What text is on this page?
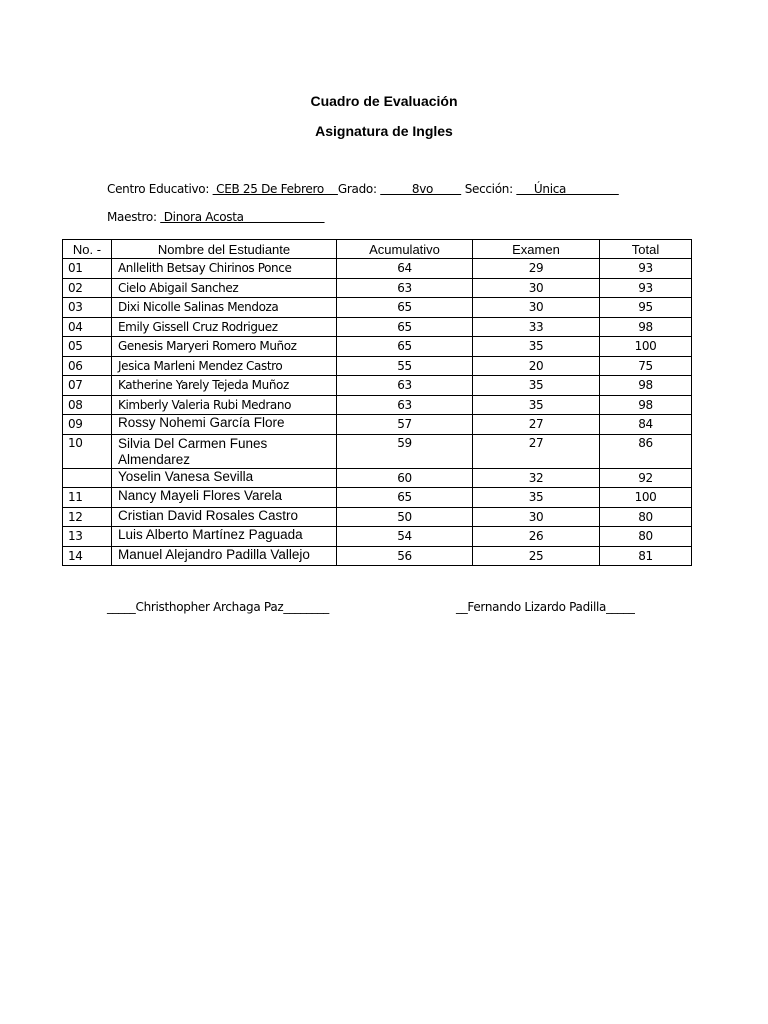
Cuadro de Evaluación
Asignatura de Ingles
Centro Educativo:  CEB 25 De Febrero    Grado:          8vo         Sección:      Única
Maestro:  Dinora Acosta
No. -	Nombre del Estudiante	Acumulativo	Examen	Total
01	Anllelith Betsay Chirinos Ponce	64	29	93
02	Cielo Abigail Sanchez	63	30	93
03	Dixi Nicolle Salinas Mendoza	65	30	95
04	Emily Gissell Cruz Rodriguez	65	33	98
05	Genesis Maryeri Romero Muñoz	65	35	100
06	Jesica Marleni Mendez Castro	55	20	75
07	Katherine Yarely Tejeda Muñoz	63	35	98
08	Kimberly Valeria Rubi Medrano	63	35	98
09	Rossy Nohemi García Flore	57	27	84
10	Silvia Del Carmen Funes Almendarez	59	27	86
	Yoselin Vanesa Sevilla	60	32	92
11	Nancy Mayeli Flores Varela	65	35	100
12	Cristian David Rosales Castro	50	30	80
13	Luis Alberto Martínez Paguada	54	26	80
14	Manuel Alejandro Padilla Vallejo	56	25	81
_____Christhopher Archaga Paz________	__Fernando Lizardo Padilla_____
